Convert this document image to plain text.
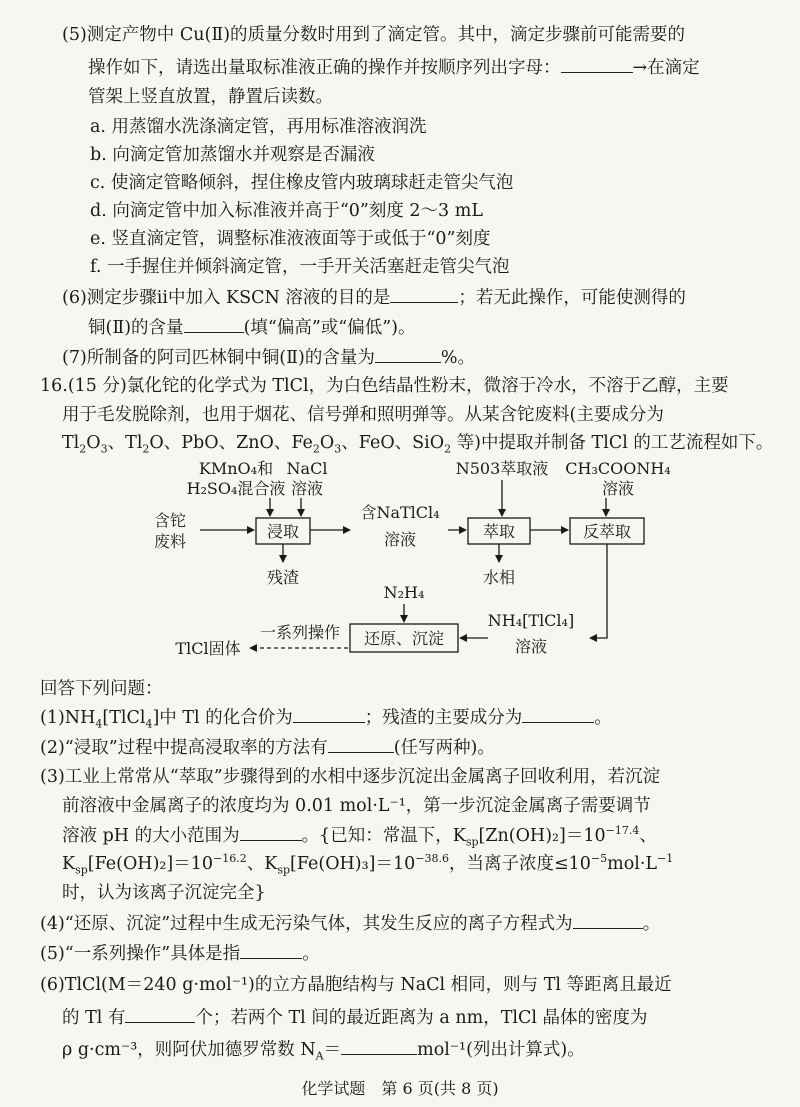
(5)测定产物中 Cu(Ⅱ)的质量分数时用到了滴定管。其中，滴定步骤前可能需要的
操作如下，请选出量取标准液正确的操作并按顺序列出字母：	→在滴定
管架上竖直放置，静置后读数。
a. 用蒸馏水洗涤滴定管，再用标准溶液润洗
b. 向滴定管加蒸馏水并观察是否漏液
c. 使滴定管略倾斜，捏住橡皮管内玻璃球赶走管尖气泡
d. 向滴定管中加入标准液并高于“0”刻度 2～3 mL
e. 竖直滴定管，调整标准液液面等于或低于“0”刻度
f. 一手握住并倾斜滴定管，一手开关活塞赶走管尖气泡
(6)测定步骤ⅱ中加入 KSCN 溶液的目的是	；若无此操作，可能使测得的
铜(Ⅱ)的含量	(填“偏高”或“偏低”)。
(7)所制备的阿司匹林铜中铜(Ⅱ)的含量为	%。
16.(15 分)氯化铊的化学式为 TlCl，为白色结晶性粉末，微溶于冷水，不溶于乙醇，主要
用于毛发脱除剂，也用于烟花、信号弹和照明弹等。从某含铊废料(主要成分为
$Tl_2O_3$、$Tl_2O$、PbO、ZnO、$Fe_2O_3$、FeO、SiO$_2$ 等)中提取并制备 TlCl 的工艺流程如下。
KMnO₄和
H₂SO₄混合液
NaCl
溶液
含铊
废料
浸取
残渣
含NaTlCl₄
溶液
N503萃取液
萃取
水相
CH₃COONH₄
溶液
反萃取
NH₄[TlCl₄]
溶液
N₂H₄
还原、沉淀
一系列操作
TlCl固体
回答下列问题：
$(1)NH_4[TlCl_4]$中 Tl 的化合价为	；残渣的主要成分为	。
(2)“浸取”过程中提高浸取率的方法有	(任写两种)。
(3)工业上常常从“萃取”步骤得到的水相中逐步沉淀出金属离子回收利用，若沉淀
前溶液中金属离子的浓度均为 0.01 mol·L⁻¹，第一步沉淀金属离子需要调节
溶液 pH 的大小范围为	。{已知：常温下，$K_{sp}[Zn(OH)_2]=10^{-17.4}$、
$K_{sp}[Fe(OH)_2]=10^{-16.2}$、$K_{sp}[Fe(OH)_3]=10^{-38.6}$，当离子浓度$\le 10^{-5}mol\cdot L^{-1}$
时，认为该离子沉淀完全}
(4)“还原、沉淀”过程中生成无污染气体，其发生反应的离子方程式为	。
(5)“一系列操作”具体是指	。
(6)TlCl(M＝240 g·mol⁻¹)的立方晶胞结构与 NaCl 相同，则与 Tl 等距离且最近
的 Tl 有	个；若两个 Tl 间的最近距离为 a nm，TlCl 晶体的密度为
ρ g·cm⁻³，则阿伏加德罗常数 $N_A=$	mol⁻¹(列出计算式)。
化学试题　第 6 页(共 8 页)
